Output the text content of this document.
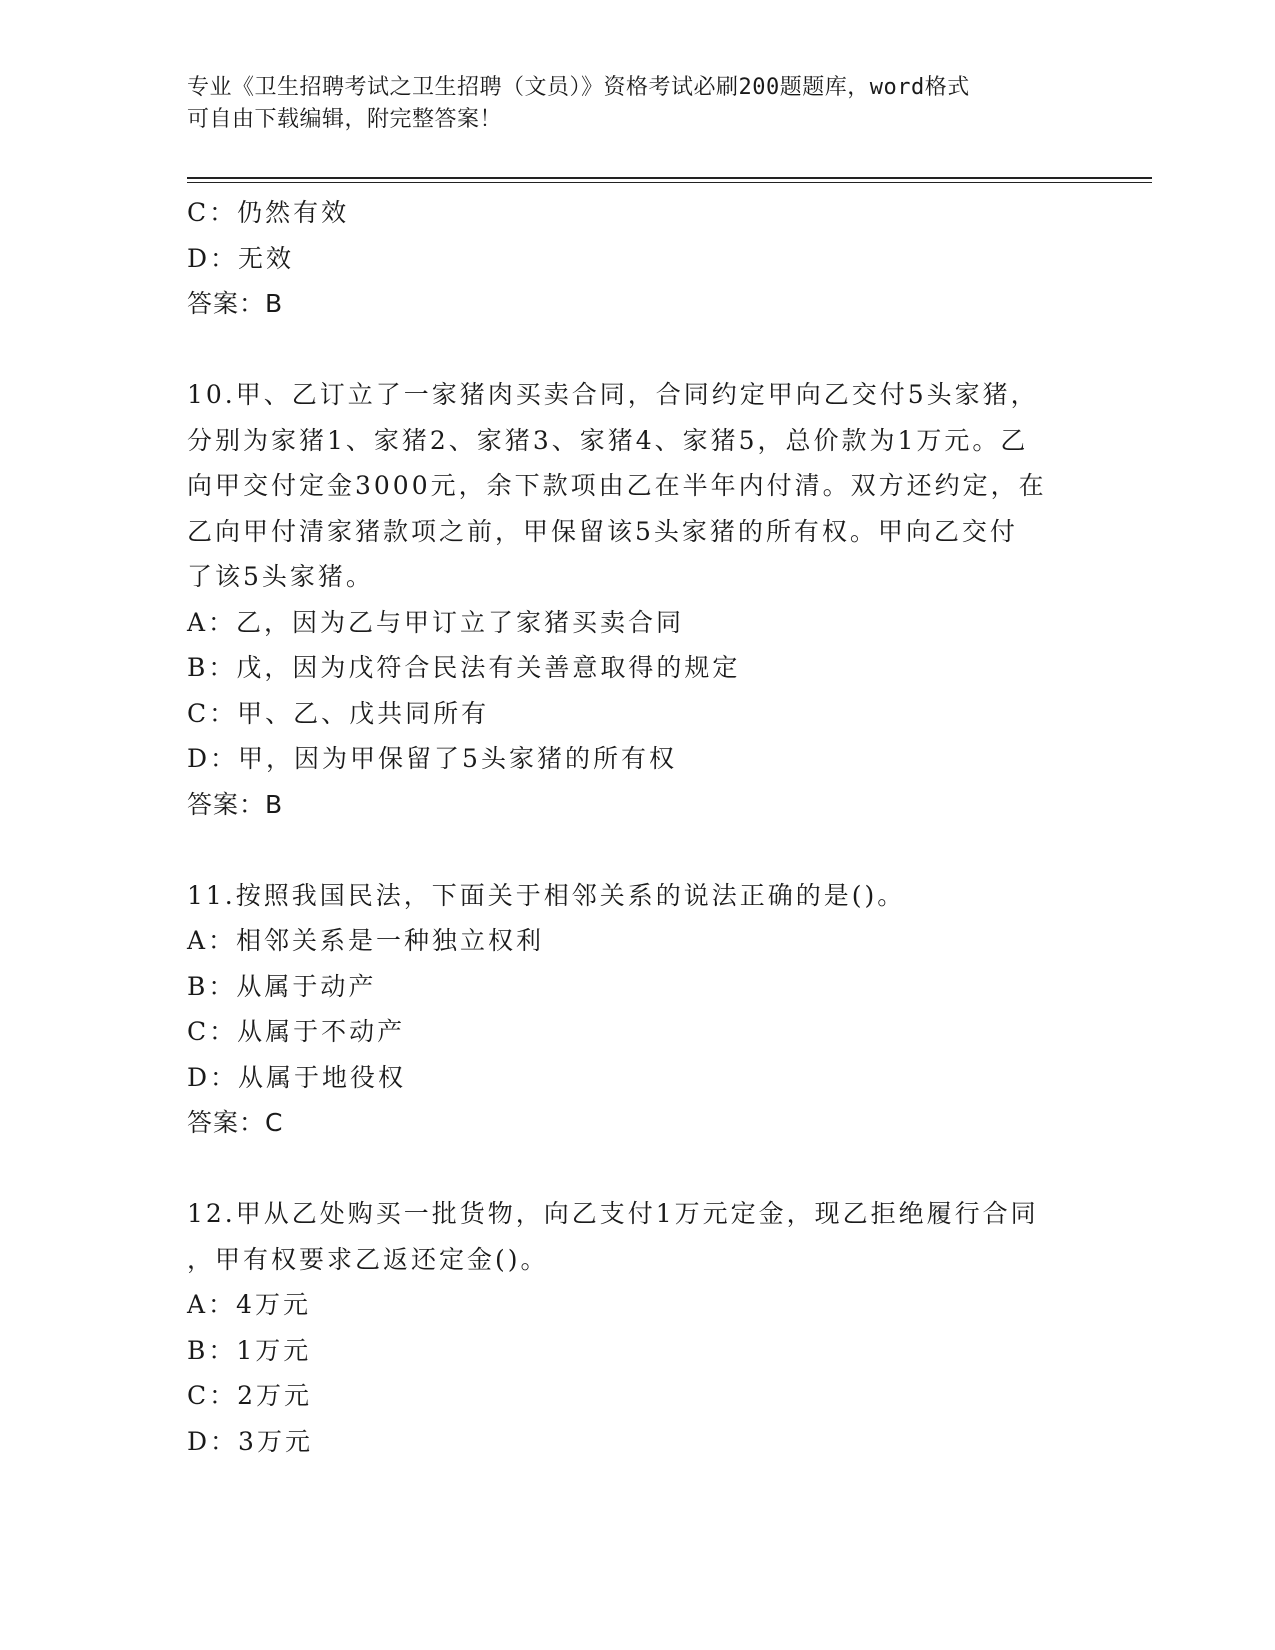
专业《卫生招聘考试之卫生招聘（文员）》资格考试必刷200题题库，word格式
可自由下载编辑，附完整答案！
C：仍然有效
D：无效
答案：B
10.甲、乙订立了一家猪肉买卖合同，合同约定甲向乙交付5头家猪，
分别为家猪1、家猪2、家猪3、家猪4、家猪5，总价款为1万元。乙
向甲交付定金3000元，余下款项由乙在半年内付清。双方还约定，在
乙向甲付清家猪款项之前，甲保留该5头家猪的所有权。甲向乙交付
了该5头家猪。
A：乙，因为乙与甲订立了家猪买卖合同
B：戊，因为戊符合民法有关善意取得的规定
C：甲、乙、戊共同所有
D：甲，因为甲保留了5头家猪的所有权
答案：B
11.按照我国民法，下面关于相邻关系的说法正确的是()。
A：相邻关系是一种独立权利
B：从属于动产
C：从属于不动产
D：从属于地役权
答案：C
12.甲从乙处购买一批货物，向乙支付1万元定金，现乙拒绝履行合同
，甲有权要求乙返还定金()。
A：4万元
B：1万元
C：2万元
D：3万元
